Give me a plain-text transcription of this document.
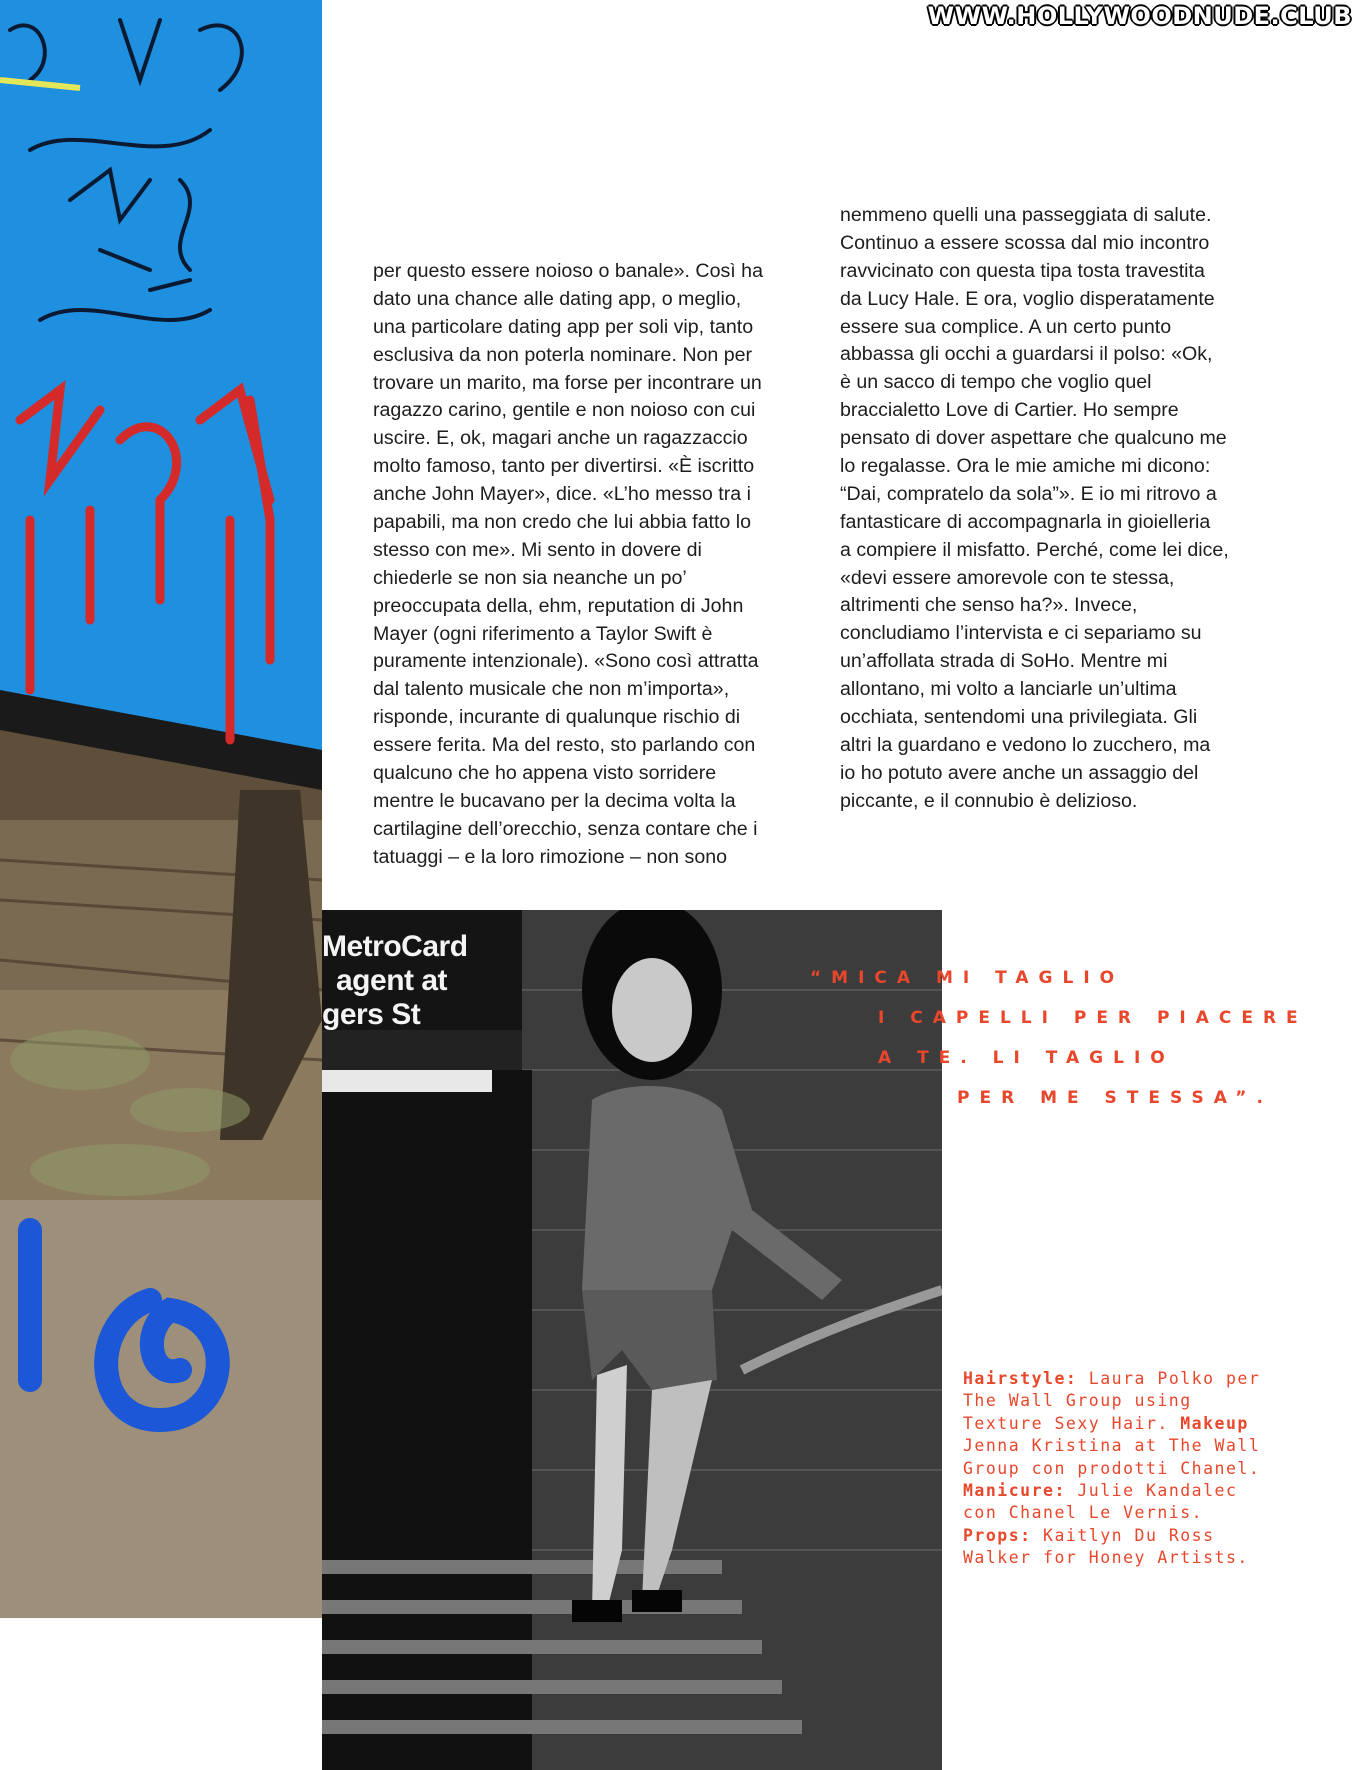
WWW.HOLLYWOODNUDE.CLUB
MetroCard
agent at
gers St
per questo essere noioso o banale». Così ha
dato una chance alle dating app, o meglio,
una particolare dating app per soli vip, tanto
esclusiva da non poterla nominare. Non per
trovare un marito, ma forse per incontrare un
ragazzo carino, gentile e non noioso con cui
uscire. E, ok, magari anche un ragazzaccio
molto famoso, tanto per divertirsi. «È iscritto
anche John Mayer», dice. «L’ho messo tra i
papabili, ma non credo che lui abbia fatto lo
stesso con me». Mi sento in dovere di
chiederle se non sia neanche un po’
preoccupata della, ehm, reputation di John
Mayer (ogni riferimento a Taylor Swift è
puramente intenzionale). «Sono così attratta
dal talento musicale che non m’importa»,
risponde, incurante di qualunque rischio di
essere ferita. Ma del resto, sto parlando con
qualcuno che ho appena visto sorridere
mentre le bucavano per la decima volta la
cartilagine dell’orecchio, senza contare che i
tatuaggi – e la loro rimozione – non sono
nemmeno quelli una passeggiata di salute.
Continuo a essere scossa dal mio incontro
ravvicinato con questa tipa tosta travestita
da Lucy Hale. E ora, voglio disperatamente
essere sua complice. A un certo punto
abbassa gli occhi a guardarsi il polso: «Ok,
è un sacco di tempo che voglio quel
braccialetto Love di Cartier. Ho sempre
pensato di dover aspettare che qualcuno me
lo regalasse. Ora le mie amiche mi dicono:
“Dai, compratelo da sola”». E io mi ritrovo a
fantasticare di accompagnarla in gioielleria
a compiere il misfatto. Perché, come lei dice,
«devi essere amorevole con te stessa,
altrimenti che senso ha?». Invece,
concludiamo l’intervista e ci separiamo su
un’affollata strada di SoHo. Mentre mi
allontano, mi volto a lanciarle un’ultima
occhiata, sentendomi una privilegiata. Gli
altri la guardano e vedono lo zucchero, ma
io ho potuto avere anche un assaggio del
piccante, e il connubio è delizioso.
“MICA MI TAGLIO
I CAPELLI PER PIACERE
A TE. LI TAGLIO
PER ME STESSA”.
Hairstyle: Laura Polko per
The Wall Group using
Texture Sexy Hair. Makeup
Jenna Kristina at The Wall
Group con prodotti Chanel.
Manicure: Julie Kandalec
con Chanel Le Vernis.
Props: Kaitlyn Du Ross
Walker for Honey Artists.
